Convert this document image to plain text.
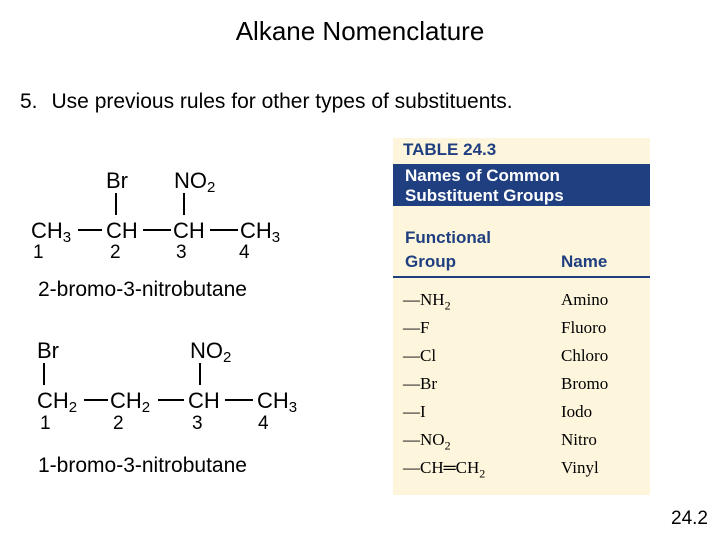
Alkane Nomenclature
5. Use previous rules for other types of substituents.
Br $NO_2$
$CH_3$ CH CH $CH_3$
1	2	3	4
2-bromo-3-nitrobutane
Br	$NO_2$
$CH_2$ $CH_2$ CH $CH_3$
1	2	3	4
1-bromo-3-nitrobutane
TABLE 24.3
Names of Common
Substituent Groups
Functional
Group	Name
$—NH_2$	Amino
—F	Fluoro
—Cl	Chloro
—Br	Bromo
—I	Iodo
$—NO_2$	Nitro
$—CH═CH_2$	Vinyl
24.2
